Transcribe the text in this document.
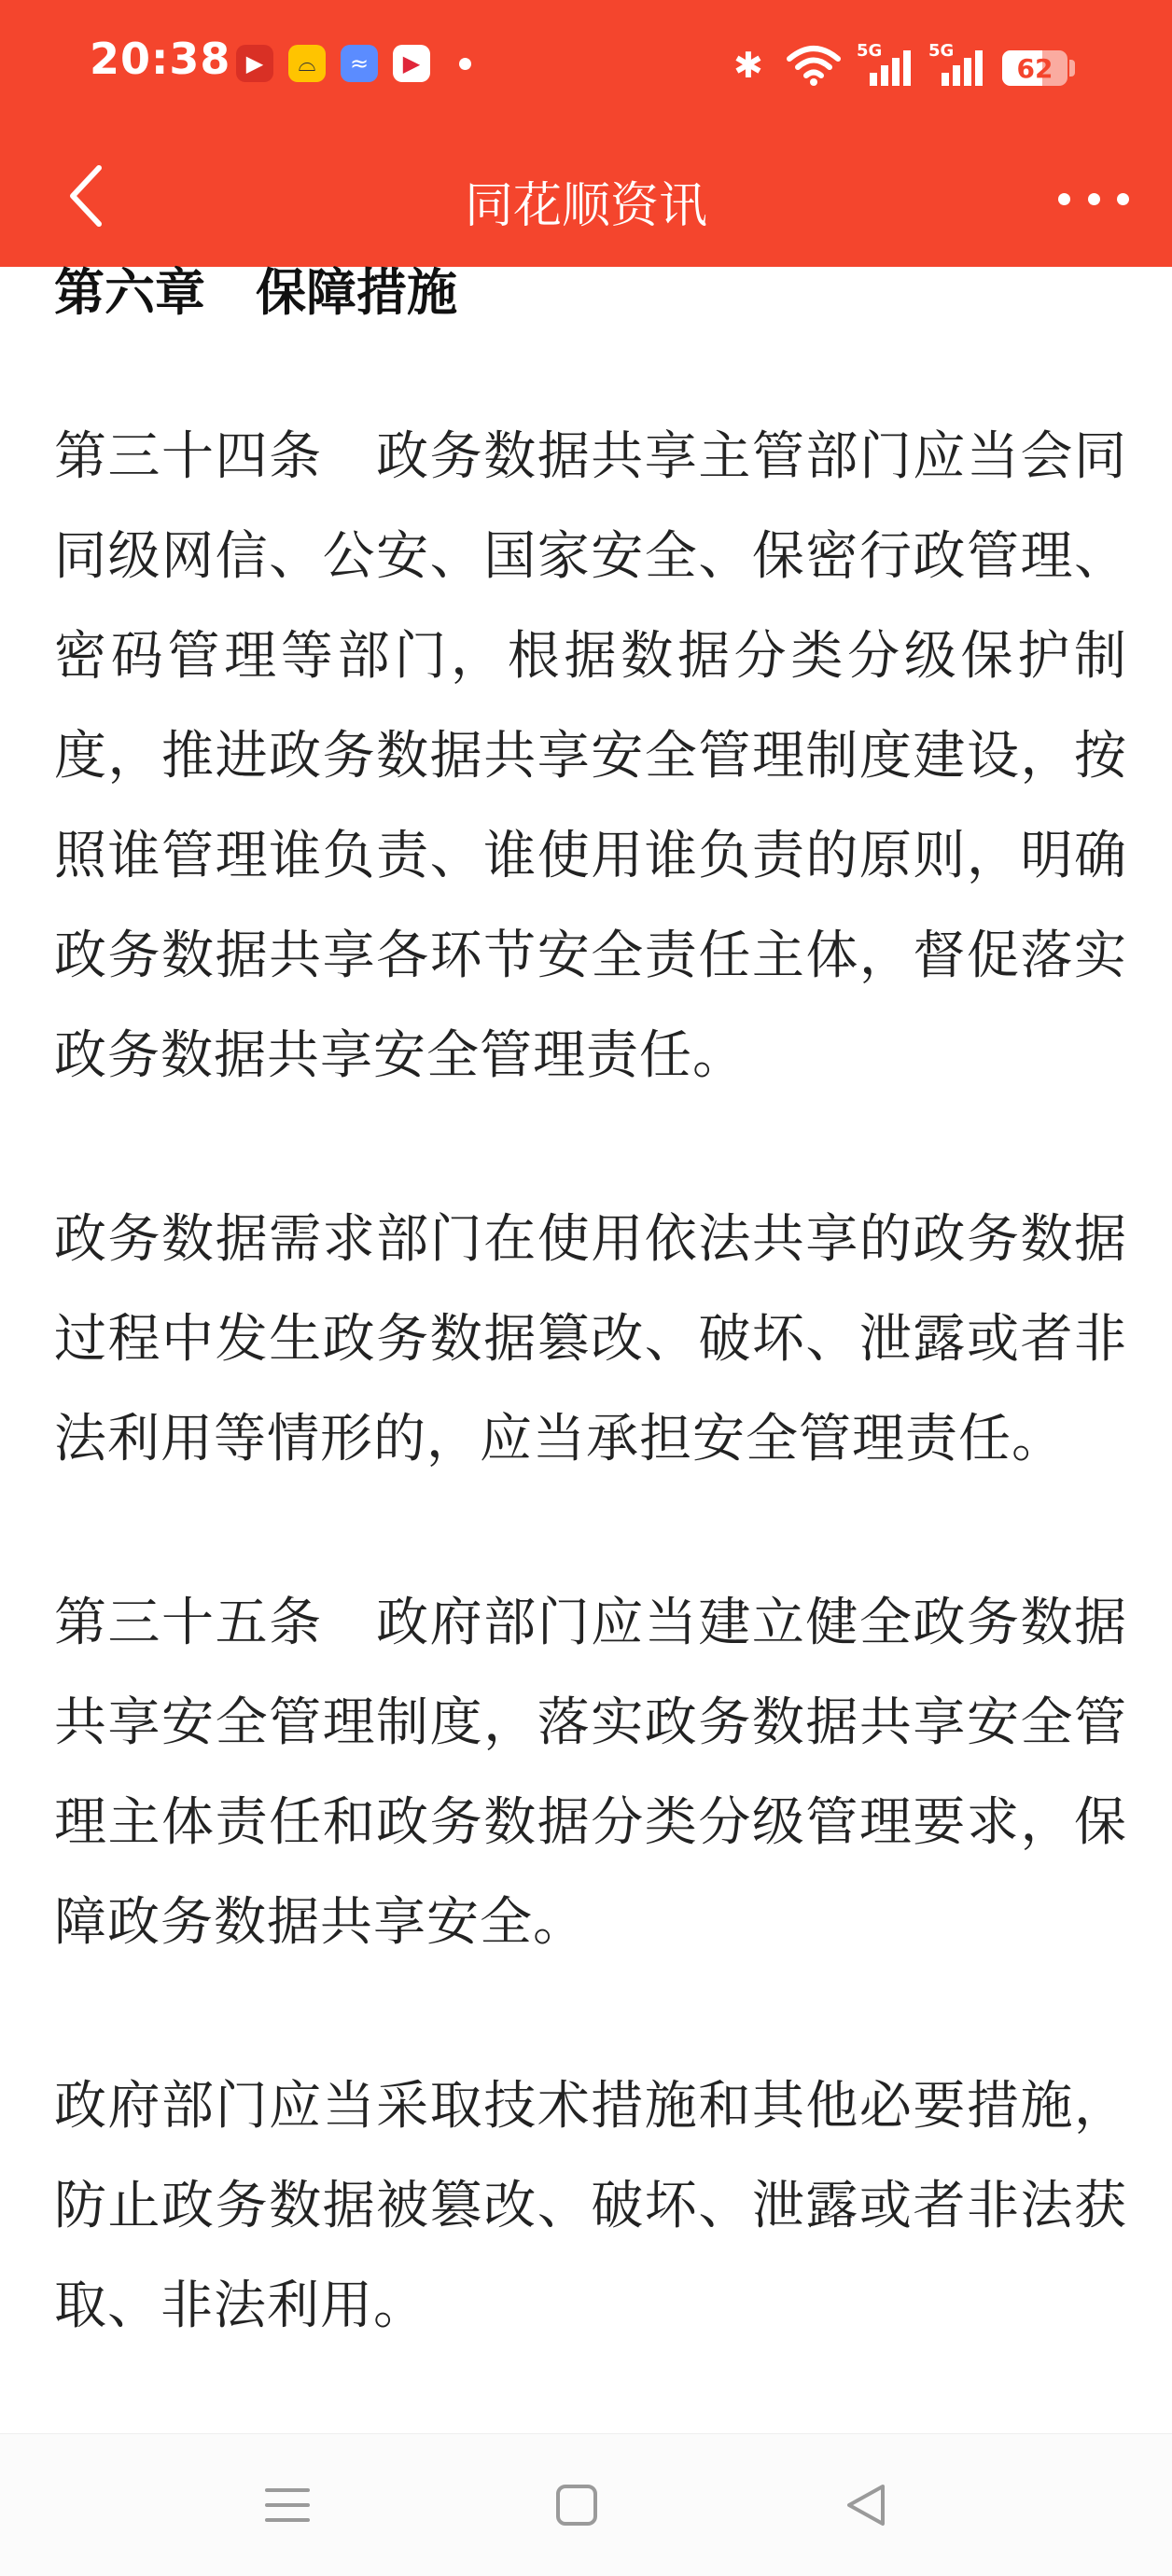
20:38 ▶	⌓	≈	▶	✱	5G	5G
62
同花顺资讯
第六章　保障措施

第三十四条　政务数据共享主管部门应当会同同级网信、公安、国家安全、保密行政管理、密码管理等部门，根据数据分类分级保护制度，推进政务数据共享安全管理制度建设，按照谁管理谁负责、谁使用谁负责的原则，明确政务数据共享各环节安全责任主体，督促落实政务数据共享安全管理责任。

政务数据需求部门在使用依法共享的政务数据过程中发生政务数据篡改、破坏、泄露或者非法利用等情形的，应当承担安全管理责任。

第三十五条　政府部门应当建立健全政务数据共享安全管理制度，落实政务数据共享安全管理主体责任和政务数据分类分级管理要求，保障政务数据共享安全。

政府部门应当采取技术措施和其他必要措施，防止政务数据被篡改、破坏、泄露或者非法获取、非法利用。
